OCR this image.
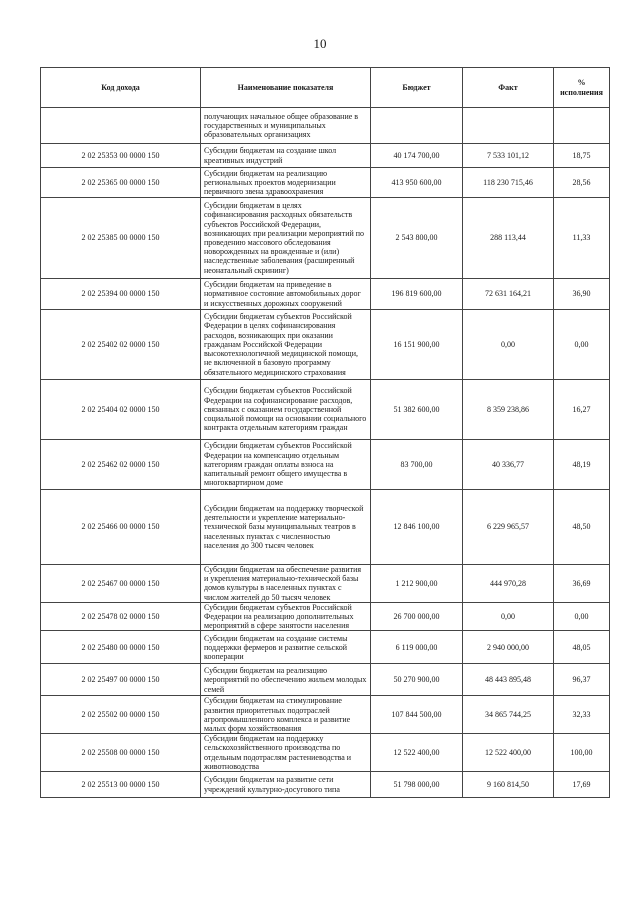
10
Код дохода	Наименование показателя	Бюджет	Факт	% исполнения
	получающих начальное общее образование в государственных и муниципальных образовательных организациях			
2 02 25353 00 0000 150	Субсидии бюджетам на создание школ креативных индустрий	40 174 700,00	7 533 101,12	18,75
2 02 25365 00 0000 150	Субсидии бюджетам на реализацию региональных проектов модернизации первичного звена здравоохранения	413 950 600,00	118 230 715,46	28,56
2 02 25385 00 0000 150	Субсидии бюджетам в целях софинансирования расходных обязательств субъектов Российской Федерации, возникающих при реализации мероприятий по проведению массового обследования новорожденных на врожденные и (или) наследственные заболевания (расширенный неонатальный скрининг)	2 543 800,00	288 113,44	11,33
2 02 25394 00 0000 150	Субсидии бюджетам на приведение в нормативное состояние автомобильных дорог и искусственных дорожных сооружений	196 819 600,00	72 631 164,21	36,90
2 02 25402 02 0000 150	Субсидии бюджетам субъектов Российской Федерации в целях софинансирования расходов, возникающих при оказании гражданам Российской Федерации высокотехнологичной медицинской помощи, не включенной в базовую программу обязательного медицинского страхования	16 151 900,00	0,00	0,00
2 02 25404 02 0000 150	Субсидии бюджетам субъектов Российской Федерации на софинансирование расходов, связанных с оказанием государственной социальной помощи на основании социального контракта отдельным категориям граждан	51 382 600,00	8 359 238,86	16,27
2 02 25462 02 0000 150	Субсидии бюджетам субъектов Российской Федерации на компенсацию отдельным категориям граждан оплаты взноса на капитальный ремонт общего имущества в многоквартирном доме	83 700,00	40 336,77	48,19
2 02 25466 00 0000 150	Субсидии бюджетам на поддержку творческой деятельности и укрепление материально-технической базы муниципальных театров в населенных пунктах с численностью населения до 300 тысяч человек	12 846 100,00	6 229 965,57	48,50
2 02 25467 00 0000 150	Субсидии бюджетам на обеспечение развития и укрепления материально-технической базы домов культуры в населенных пунктах с числом жителей до 50 тысяч человек	1 212 900,00	444 970,28	36,69
2 02 25478 02 0000 150	Субсидии бюджетам субъектов Российской Федерации на реализацию дополнительных мероприятий в сфере занятости населения	26 700 000,00	0,00	0,00
2 02 25480 00 0000 150	Субсидии бюджетам на создание системы поддержки фермеров и развитие сельской кооперации	6 119 000,00	2 940 000,00	48,05
2 02 25497 00 0000 150	Субсидии бюджетам на реализацию мероприятий по обеспечению жильем молодых семей	50 270 900,00	48 443 895,48	96,37
2 02 25502 00 0000 150	Субсидии бюджетам на стимулирование развития приоритетных подотраслей агропромышленного комплекса и развитие малых форм хозяйствования	107 844 500,00	34 865 744,25	32,33
2 02 25508 00 0000 150	Субсидии бюджетам на поддержку сельскохозяйственного производства по отдельным подотраслям растениеводства и животноводства	12 522 400,00	12 522 400,00	100,00
2 02 25513 00 0000 150	Субсидии бюджетам на развитие сети учреждений культурно-досугового типа	51 798 000,00	9 160 814,50	17,69
